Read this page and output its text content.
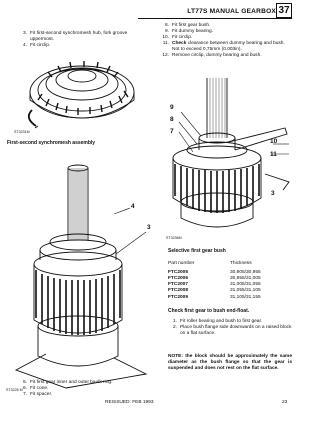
LT77S MANUAL GEARBOX 37
3. Fit first-second synchromesh hub, fork groove uppermost.
4. Fit circlip.
8. Fit first gear bush.
9. Fit dummy bearing.
10. Fit circlip.
11. Check clearance between dummy bearing and bush. Not to exceed 0,75mm (0.003in).
12. Remove circlip, dummy bearing and bush.
ST3231M
First-second synchromesh assembly
4
3
ST3226 M
5. Fit first gear inner and outer baulk ring.
6. Fit cone.
7. Fit spacer.
9
8
7
10
11
3
ST3236M
Selective first gear bush
Part number	Thickness
FTC2005	30,905/30,955
FTC2006	30,955/31,005
FTC2007	31,005/31,055
FTC2008	31,055/31,105
FTC2009	31,105/31,155
Check first gear to bush end-float.
1. Fit roller bearing and bush to first gear.
2. Place bush flange side downwards on a raised block on a flat surface.
NOTE: the block should be approximately the same diameter as the bush flange so that the gear is suspended and does not rest on the flat surface.
REISSUED: FEB 1993	23
